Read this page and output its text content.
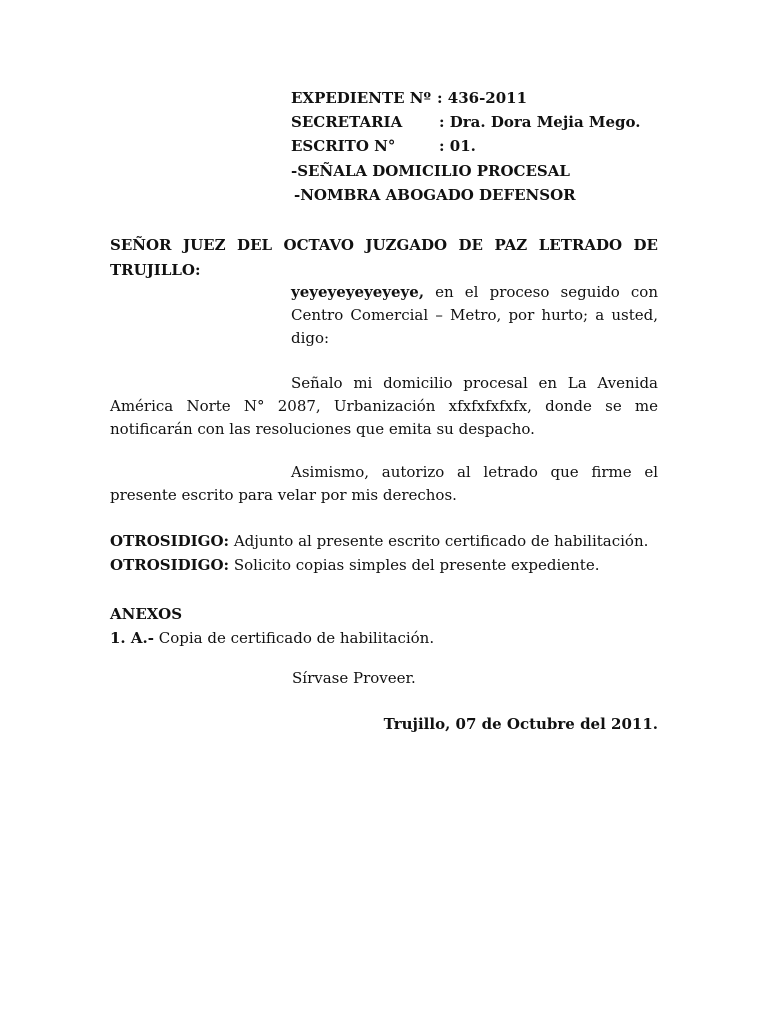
EXPEDIENTE Nº : 436-2011
SECRETARIA : Dra. Dora Mejia Mego.
ESCRITO N°	: 01.
-SEÑALA DOMICILIO PROCESAL
-NOMBRA ABOGADO DEFENSOR
SEÑOR JUEZ DEL OCTAVO JUZGADO DE PAZ LETRADO DE TRUJILLO:
yeyeyeyeyeyeye, en el proceso seguido con Centro Comercial – Metro, por hurto; a usted, digo:
Señalo mi domicilio procesal en La Avenida América Norte N° 2087, Urbanización xfxfxfxfxfx, donde se me notificarán con las resoluciones que emita su despacho.
Asimismo, autorizo al letrado que firme el presente escrito para velar por mis derechos.
OTROSIDIGO: Adjunto al presente escrito certificado de habilitación.
OTROSIDIGO: Solicito copias simples del presente expediente.
ANEXOS
1. A.- Copia de certificado de habilitación.
Sírvase Proveer.
Trujillo, 07 de Octubre del 2011.
